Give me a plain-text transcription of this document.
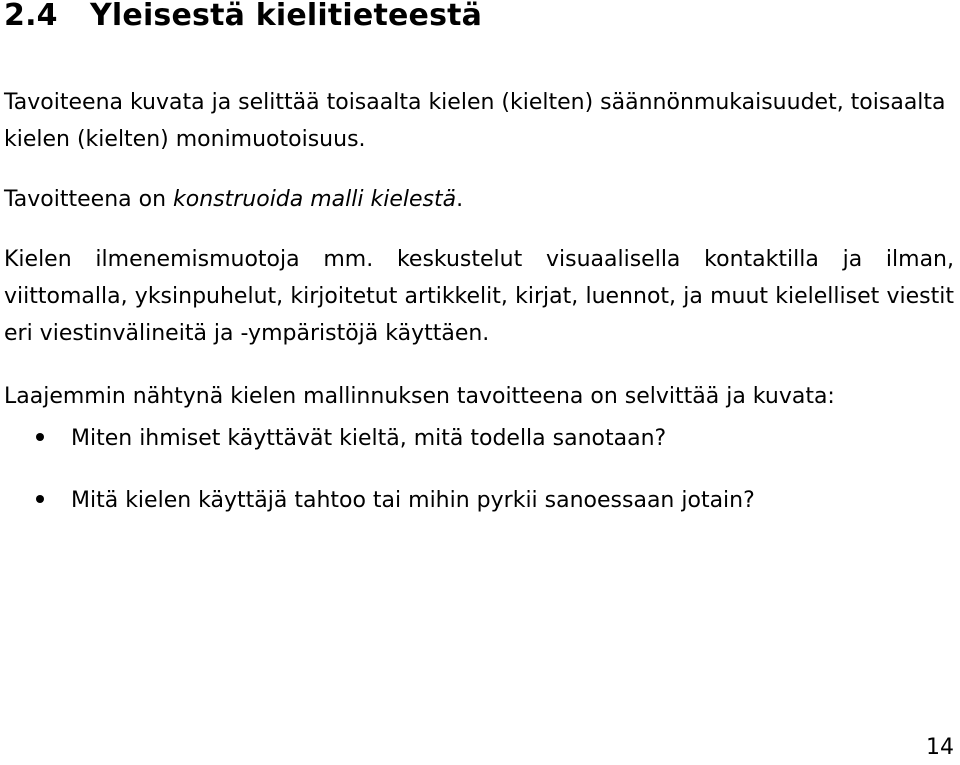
2.4 Yleisestä kielitieteestä

Tavoiteena kuvata ja selittää toisaalta kielen (kielten) säännönmukaisuudet, toisaalta kielen (kielten) monimuotoisuus.

Tavoitteena on konstruoida malli kielestä.

Kielen ilmenemismuotoja mm. keskustelut visuaalisella kontaktilla ja ilman, viittomalla, yksinpuhelut, kirjoitetut artikkelit, kirjat, luennot, ja muut kielelliset viestit eri viestinvälineitä ja -ympäristöjä käyttäen.

Laajemmin nähtynä kielen mallinnuksen tavoitteena on selvittää ja kuvata:

Miten ihmiset käyttävät kieltä, mitä todella sanotaan?
Mitä kielen käyttäjä tahtoo tai mihin pyrkii sanoessaan jotain?
14
